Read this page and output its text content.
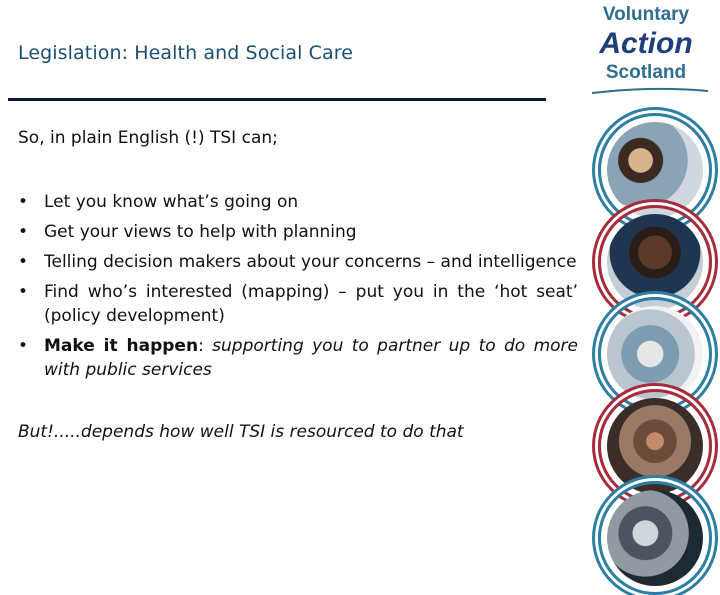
Legislation: Health and Social Care

So, in plain English (!) TSI can;

• Let you know what’s going on
• Get your views to help with planning
• Telling decision makers about your concerns – and intelligence
• Find who’s interested (mapping) – put you in the ‘hot seat’ (policy development)
• Make it happen: supporting you to partner up to do more with public services

But!.....depends how well TSI is resourced to do that

Voluntary
Action
Scotland
